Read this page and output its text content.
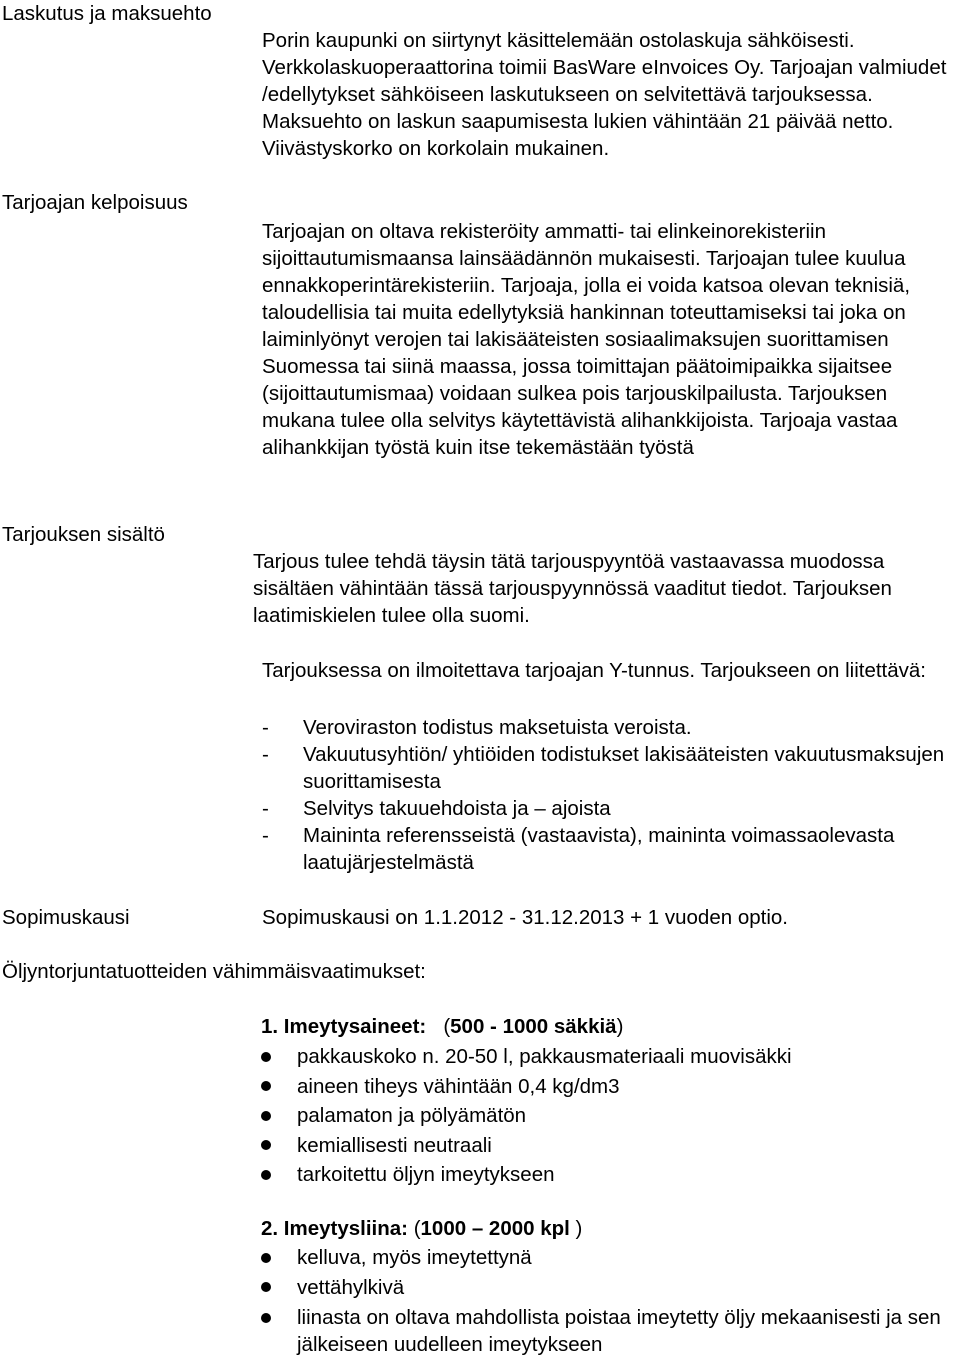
Laskutus ja maksuehto

Porin kaupunki on siirtynyt käsittelemään ostolaskuja sähköisesti. Verkkolaskuoperaattorina toimii BasWare eInvoices Oy. Tarjoajan valmiudet /edellytykset sähköiseen laskutukseen on selvitettävä tarjouksessa. Maksuehto on laskun saapumisesta lukien vähintään 21 päivää netto. Viivästyskorko on korkolain mukainen.

Tarjoajan kelpoisuus

Tarjoajan on oltava rekisteröity ammatti- tai elinkeinorekisteriin sijoittautumismaansa lainsäädännön mukaisesti. Tarjoajan tulee kuulua ennakkoperintärekisteriin. Tarjoaja, jolla ei voida katsoa olevan teknisiä, taloudellisia tai muita edellytyksiä hankinnan toteuttamiseksi tai joka on laiminlyönyt verojen tai lakisääteisten sosiaalimaksujen suorittamisen Suomessa tai siinä maassa, jossa toimittajan päätoimipaikka sijaitsee (sijoittautumismaa) voidaan sulkea pois tarjouskilpailusta. Tarjouksen mukana tulee olla selvitys käytettävistä alihankkijoista. Tarjoaja vastaa alihankkijan työstä kuin itse tekemästään työstä

Tarjouksen sisältö

Tarjous tulee tehdä täysin tätä tarjouspyyntöä vastaavassa muodossa sisältäen vähintään tässä tarjouspyynnössä vaaditut tiedot. Tarjouksen laatimiskielen tulee olla suomi.

Tarjouksessa on ilmoitettava tarjoajan Y-tunnus. Tarjoukseen on liitettävä:

-	Veroviraston todistus maksetuista veroista.
-	Vakuutusyhtiön/ yhtiöiden todistukset lakisääteisten vakuutusmaksujen suorittamisesta
-	Selvitys takuuehdoista ja – ajoista
-	Maininta referensseistä (vastaavista), maininta voimassaolevasta laatujärjestelmästä
Sopimuskausi	Sopimuskausi on 1.1.2012 - 31.12.2013 + 1 vuoden optio.
Öljyntorjuntatuotteiden vähimmäisvaatimukset:
1. Imeytysaineet: (500 - 1000 säkkiä)
pakkauskoko n. 20-50 l, pakkausmateriaali muovisäkki
aineen tiheys vähintään 0,4 kg/dm3
palamaton ja pölyämätön
kemiallisesti neutraali
tarkoitettu öljyn imeytykseen
2. Imeytysliina: (1000 – 2000 kpl )
kelluva, myös imeytettynä
vettähylkivä
liinasta on oltava mahdollista poistaa imeytetty öljy mekaanisesti ja sen jälkeiseen uudelleen imeytykseen
